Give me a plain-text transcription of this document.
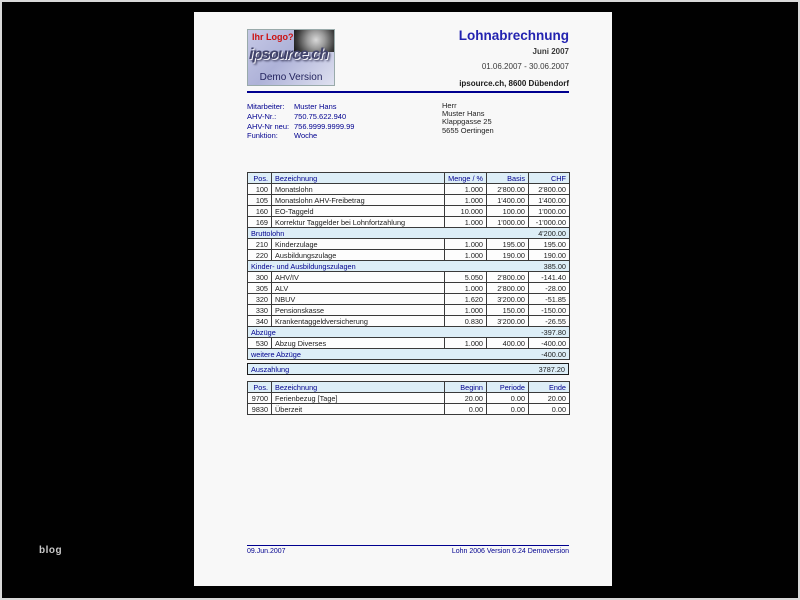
blog
Ihr Logo?
ipsource.ch
Demo Version
Lohnabrechnung
Juni 2007
01.06.2007 - 30.06.2007
ipsource.ch, 8600 Dübendorf
Mitarbeiter:	Muster Hans
AHV-Nr.:	750.75.622.940
AHV-Nr neu: 756.9999.9999.99
Funktion:	Woche
Herr
Muster Hans
Klappgasse 25
5655 Oertingen
Pos.	Bezeichnung	Menge / %	Basis	CHF
100	Monatslohn	1.000	2'800.00	2'800.00
105	Monatslohn AHV-Freibetrag	1.000	1'400.00	1'400.00
160	EO-Taggeld	10.000	100.00	1'000.00
169	Korrektur Taggelder bei Lohnfortzahlung	1.000	1'000.00	-1'000.00
Bruttolohn				4'200.00
210	Kinderzulage	1.000	195.00	195.00
220	Ausbildungszulage	1.000	190.00	190.00
Kinder- und Ausbildungszulagen				385.00
300	AHV/IV	5.050	2'800.00	-141.40
305	ALV	1.000	2'800.00	-28.00
320	NBUV	1.620	3'200.00	-51.85
330	Pensionskasse	1.000	150.00	-150.00
340	Krankentaggeldversicherung	0.830	3'200.00	-26.55
Abzüge				-397.80
530	Abzug Diverses	1.000	400.00	-400.00
weitere Abzüge				-400.00
Auszahlung	3787.20
Pos.	Bezeichnung	Beginn	Periode	Ende
9700	Ferienbezug [Tage]	20.00	0.00	20.00
9830	Überzeit	0.00	0.00	0.00
09.Jun.2007	Lohn 2006 Version 6.24 Demoversion
